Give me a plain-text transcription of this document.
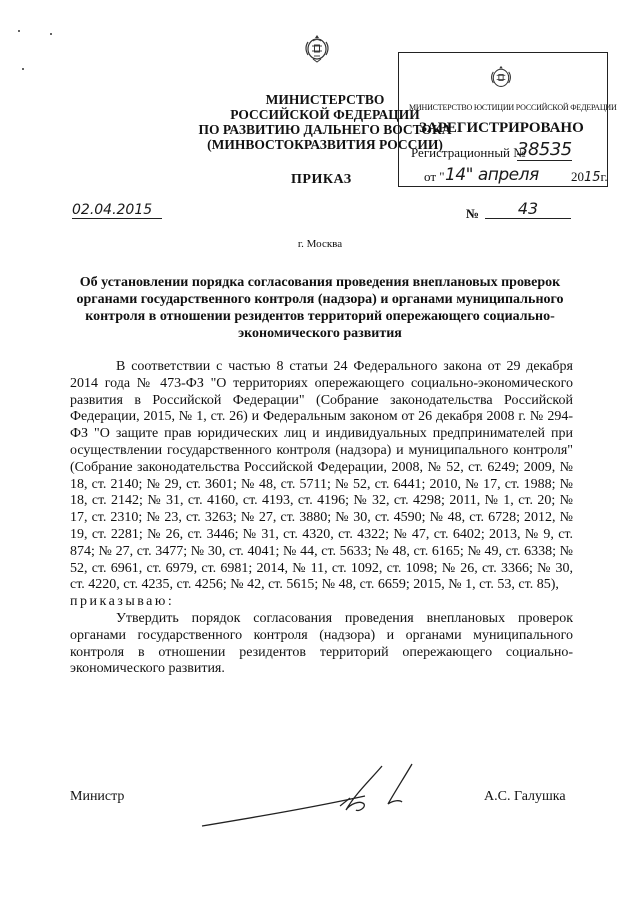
МИНИСТЕРСТВО
РОССИЙСКОЙ ФЕДЕРАЦИИ
ПО РАЗВИТИЮ ДАЛЬНЕГО ВОСТОКА
(МИНВОСТОКРАЗВИТИЯ РОССИИ)
МИНИСТЕРСТВО ЮСТИЦИИ РОССИЙСКОЙ ФЕДЕРАЦИИ
ЗАРЕГИСТРИРОВАНО
Регистрационный №
38535
от " 14" апреля 2015г.
ПРИКАЗ
02.04.2015	№	43
г. Москва
Об установлении порядка согласования проведения внеплановых проверок органами государственного контроля (надзора) и органами муниципального контроля в отношении резидентов территорий опережающего социально-экономического развития

В соответствии с частью 8 статьи 24 Федерального закона от 29 декабря 2014 года № 473-ФЗ "О территориях опережающего социально-экономического развития в Российской Федерации" (Собрание законодательства Российской Федерации, 2015, № 1, ст. 26) и Федеральным законом от 26 декабря 2008 г. № 294-ФЗ "О защите прав юридических лиц и индивидуальных предпринимателей при осуществлении государственного контроля (надзора) и муниципального контроля" (Собрание законодательства Российской Федерации, 2008, № 52, ст. 6249; 2009, № 18, ст. 2140; № 29, ст. 3601; № 48, ст. 5711; № 52, ст. 6441; 2010, № 17, ст. 1988; № 18, ст. 2142; № 31, ст. 4160, ст. 4193, ст. 4196; № 32, ст. 4298; 2011, № 1, ст. 20; № 17, ст. 2310; № 23, ст. 3263; № 27, ст. 3880; № 30, ст. 4590; № 48, ст. 6728; 2012, № 19, ст. 2281; № 26, ст. 3446; № 31, ст. 4320, ст. 4322; № 47, ст. 6402; 2013, № 9, ст. 874; № 27, ст. 3477; № 30, ст. 4041; № 44, ст. 5633; № 48, ст. 6165; № 49, ст. 6338; № 52, ст. 6961, ст. 6979, ст. 6981; 2014, № 11, ст. 1092, ст. 1098; № 26, ст. 3366; № 30, ст. 4220, ст. 4235, ст. 4256; № 42, ст. 5615; № 48, ст. 6659; 2015, № 1, ст. 53, ст. 85),
приказываю:

Утвердить порядок согласования проведения внеплановых проверок органами государственного контроля (надзора) и органами муниципального контроля в отношении резидентов территорий опережающего социально-экономического развития.

Министр	А.С. Галушка
